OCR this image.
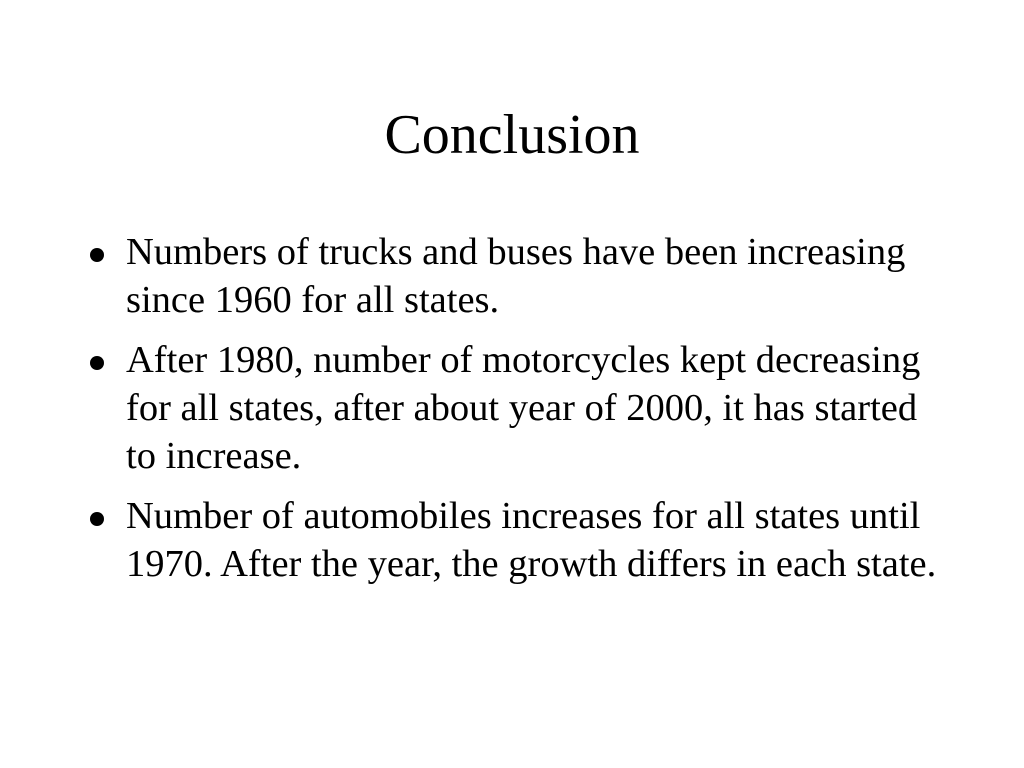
Conclusion
Numbers of trucks and buses have been increasing since 1960 for all states.
After 1980, number of motorcycles kept decreasing for all states, after about year of 2000, it has started to increase.
Number of automobiles increases for all states until 1970. After the year, the growth differs in each state.
